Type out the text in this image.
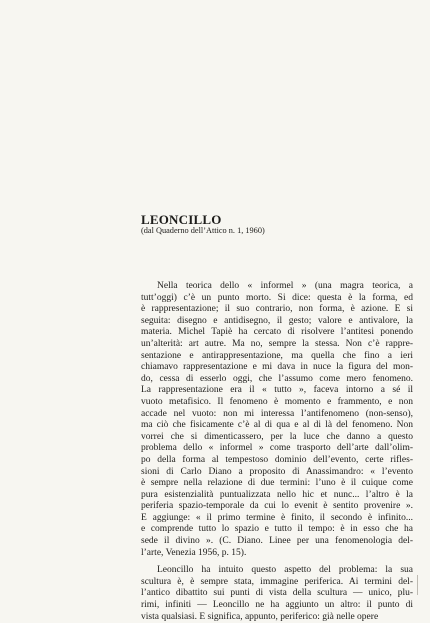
LEONCILLO
(dal Quaderno dell’Attico n. 1, 1960)
Nella teorica dello « informel » (una magra teorica, a
tutt’oggi) c’è un punto morto. Si dice: questa è la forma, ed
è rappresentazione; il suo contrario, non forma, è azione. E si
seguita: disegno e antidisegno, il gesto; valore e antivalore, la
materia. Michel Tapiè ha cercato di risolvere l’antitesi ponendo
un’alterità: art autre. Ma no, sempre la stessa. Non c’è rappre-
sentazione e antirappresentazione, ma quella che fino a ieri
chiamavo rappresentazione e mi dava in nuce la figura del mon-
do, cessa di esserlo oggi, che l’assumo come mero fenomeno.
La rappresentazione era il « tutto », faceva intorno a sé il
vuoto metafisico. Il fenomeno è momento e frammento, e non
accade nel vuoto: non mi interessa l’antifenomeno (non-senso),
ma ciò che fisicamente c’è al di qua e al di là del fenomeno. Non
vorrei che si dimenticassero, per la luce che danno a questo
problema dello « informel » come trasporto dell’arte dall’olim-
po della forma al tempestoso dominio dell’evento, certe rifles-
sioni di Carlo Diano a proposito di Anassimandro: « l’evento
è sempre nella relazione di due termini: l’uno è il cuique come
pura esistenzialità puntualizzata nello hic et nunc... l’altro è la
periferia spazio-temporale da cui lo evenit è sentito provenire ».
E aggiunge: « il primo termine è finito, il secondo è infinito...
e comprende tutto lo spazio e tutto il tempo: è in esso che ha
sede il divino ». (C. Diano. Linee per una fenomenologia del-
l’arte, Venezia 1956, p. 15).
Leoncillo ha intuito questo aspetto del problema: la sua
scultura è, è sempre stata, immagine periferica. Ai termini del-
l’antico dibattito sui punti di vista della scultura — unico, plu-
rimi, infiniti — Leoncillo ne ha aggiunto un altro: il punto di
vista qualsiasi. E significa, appunto, periferico: già nelle opere
